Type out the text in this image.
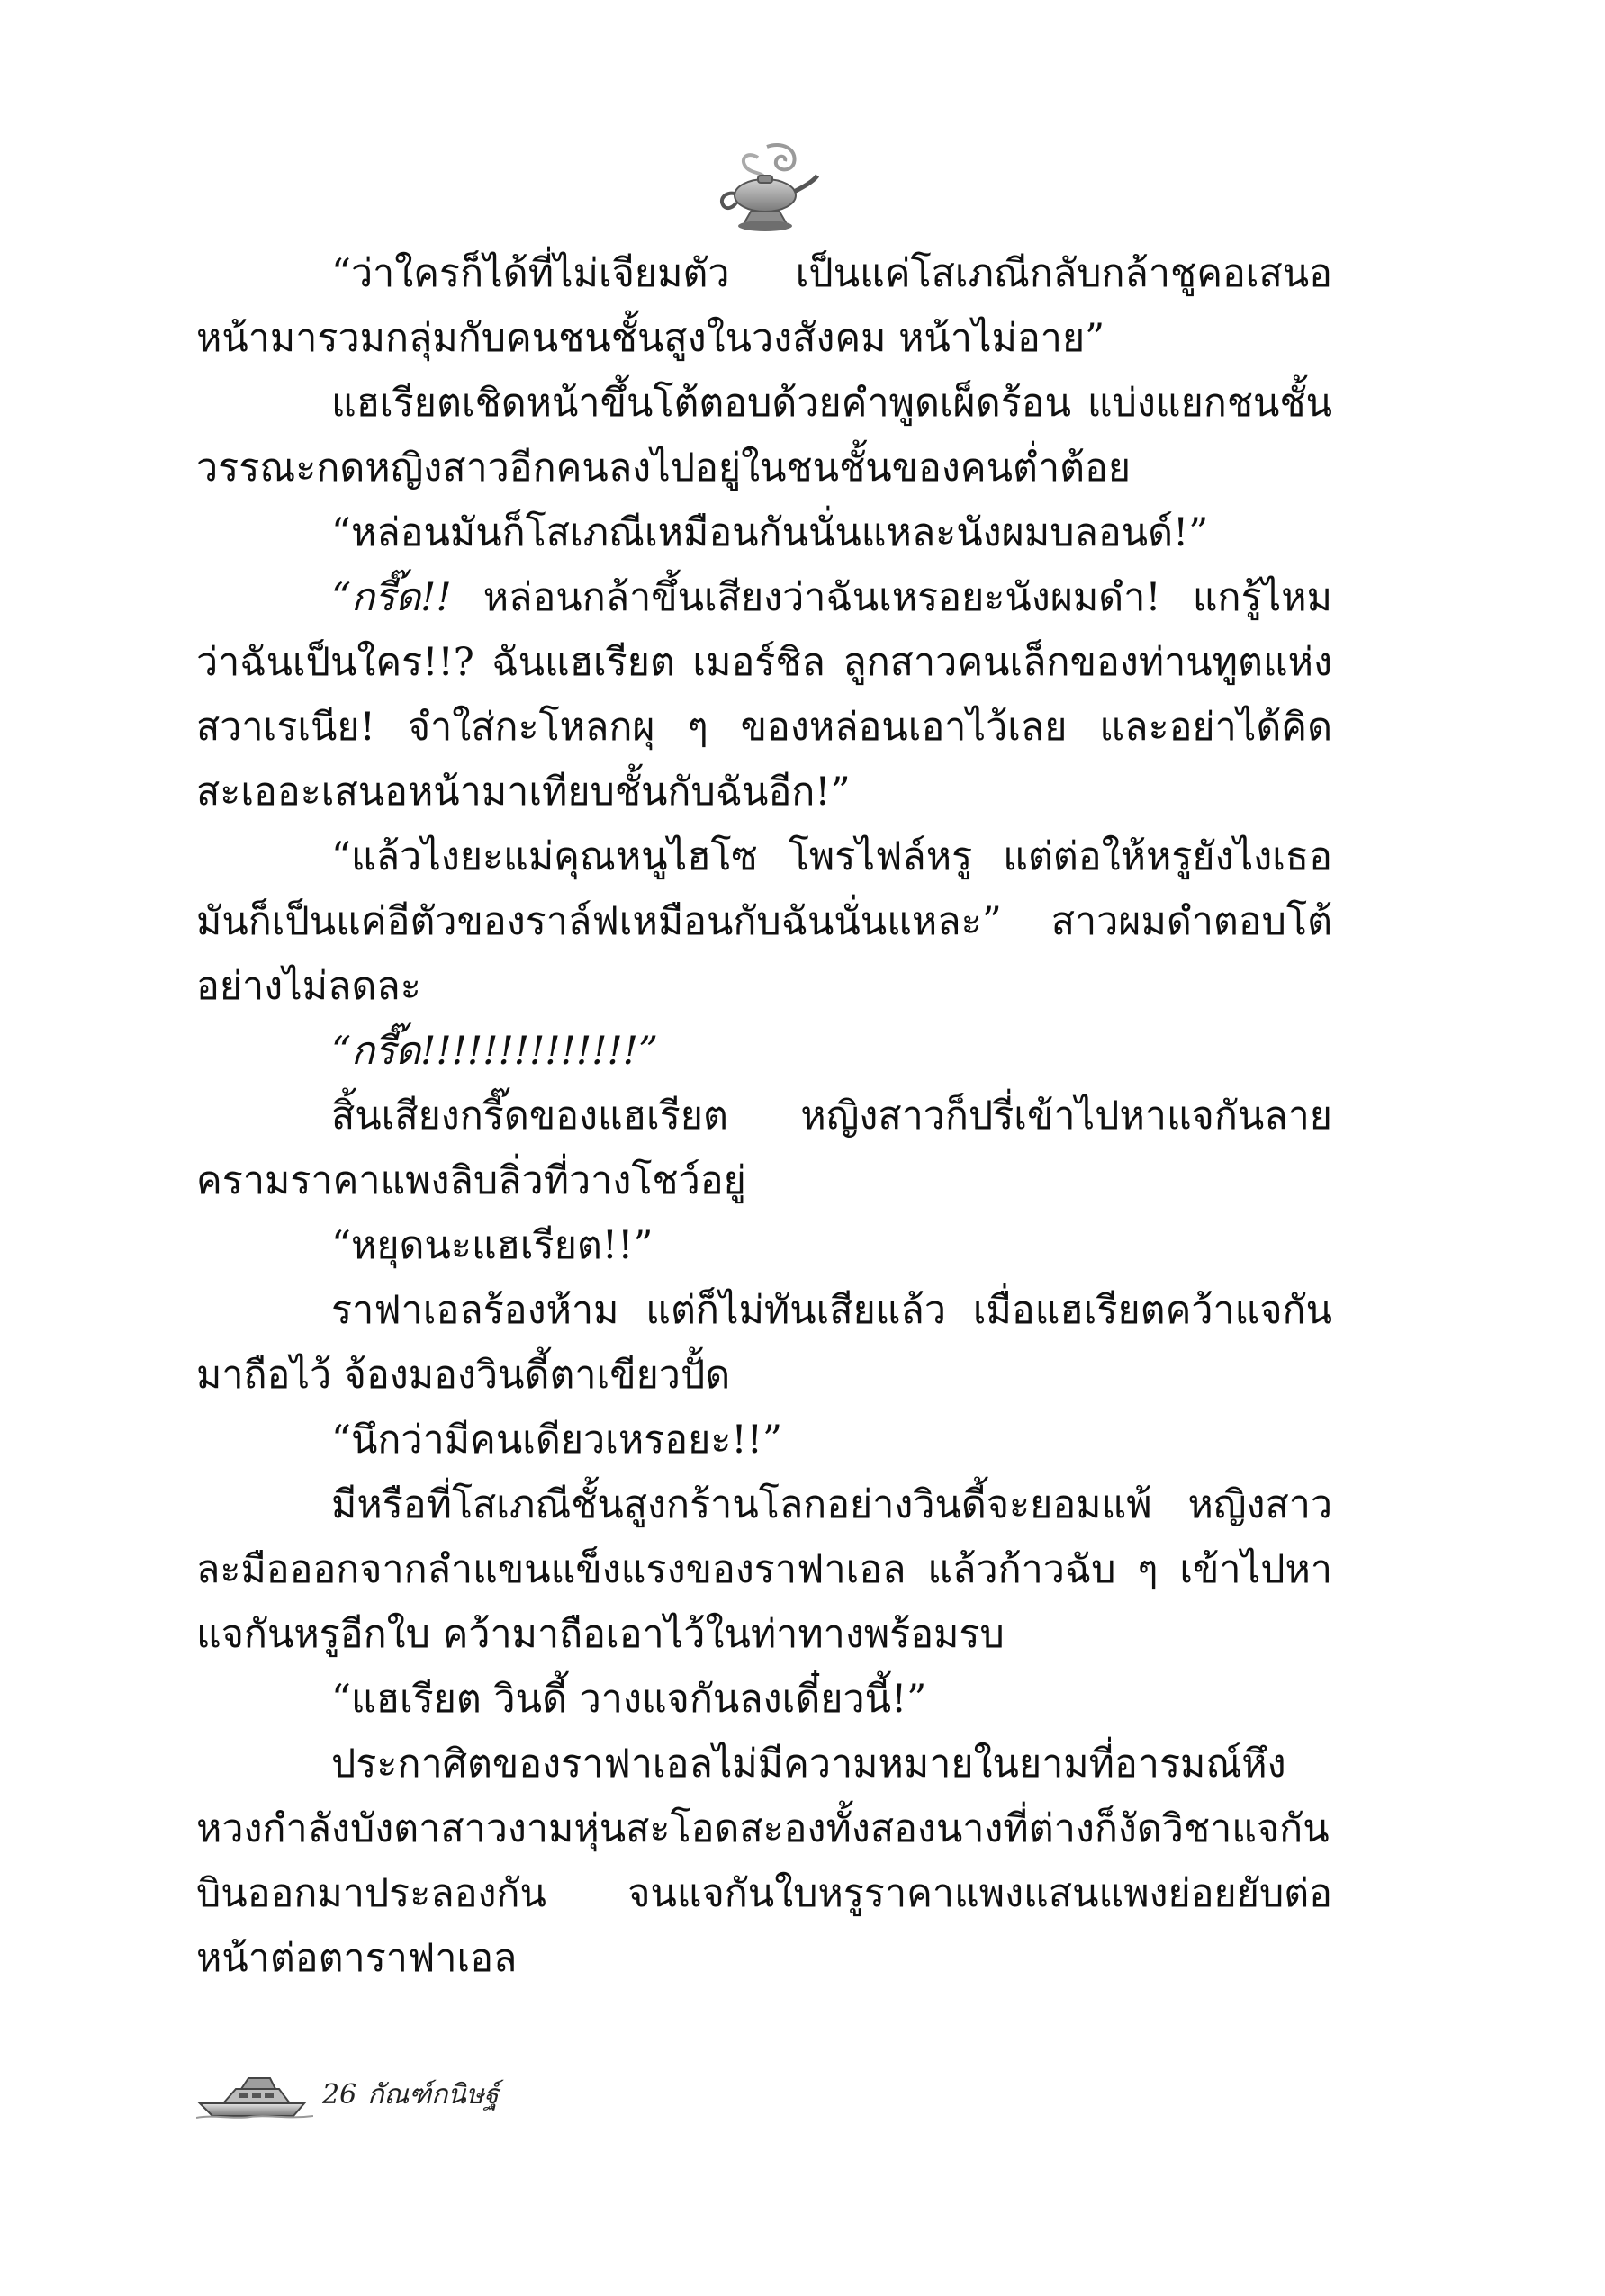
“ว่าใครก็ได้ที่ไม่เจียมตัว เป็นแค่โสเภณีกลับกล้าชูคอเสนอหน้ามารวมกลุ่มกับคนชนชั้นสูงในวงสังคม หน้าไม่อาย”

แฮเรียตเชิดหน้าขึ้นโต้ตอบด้วยคำพูดเผ็ดร้อน แบ่งแยกชนชั้นวรรณะกดหญิงสาวอีกคนลงไปอยู่ในชนชั้นของคนต่ำต้อย

“หล่อนมันก็โสเภณีเหมือนกันนั่นแหละนังผมบลอนด์!”

“กรี๊ด!! หล่อนกล้าขึ้นเสียงว่าฉันเหรอยะนังผมดำ! แกรู้ไหมว่าฉันเป็นใคร!!? ฉันแฮเรียต เมอร์ชิล ลูกสาวคนเล็กของท่านทูตแห่งสวาเรเนีย! จำใส่กะโหลกผุ ๆ ของหล่อนเอาไว้เลย และอย่าได้คิดสะเออะเสนอหน้ามาเทียบชั้นกับฉันอีก!”

“แล้วไงยะแม่คุณหนูไฮโซ โพรไฟล์หรู แต่ต่อให้หรูยังไงเธอมันก็เป็นแค่อีตัวของราล์ฟเหมือนกับฉันนั่นแหละ” สาวผมดำตอบโต้อย่างไม่ลดละ

“กรี๊ด!!!!!!!!!!!!!!”

สิ้นเสียงกรี๊ดของแฮเรียต หญิงสาวก็ปรี่เข้าไปหาแจกันลายครามราคาแพงลิบลิ่วที่วางโชว์อยู่

“หยุดนะแฮเรียต!!”

ราฟาเอลร้องห้าม แต่ก็ไม่ทันเสียแล้ว เมื่อแฮเรียตคว้าแจกันมาถือไว้ จ้องมองวินดี้ตาเขียวปั้ด

“นึกว่ามีคนเดียวเหรอยะ!!”

มีหรือที่โสเภณีชั้นสูงกร้านโลกอย่างวินดี้จะยอมแพ้ หญิงสาวละมือออกจากลำแขนแข็งแรงของราฟาเอล แล้วก้าวฉับ ๆ เข้าไปหาแจกันหรูอีกใบ คว้ามาถือเอาไว้ในท่าทางพร้อมรบ

“แฮเรียต วินดี้ วางแจกันลงเดี๋ยวนี้!”

ประกาศิตของราฟาเอลไม่มีความหมายในยามที่อารมณ์หึงหวงกำลังบังตาสาวงามหุ่นสะโอดสะองทั้งสองนางที่ต่างก็งัดวิชาแจกันบินออกมาประลองกัน จนแจกันใบหรูราคาแพงแสนแพงย่อยยับต่อหน้าต่อตาราฟาเอล

26 กัณฑ์กนิษฐ์
